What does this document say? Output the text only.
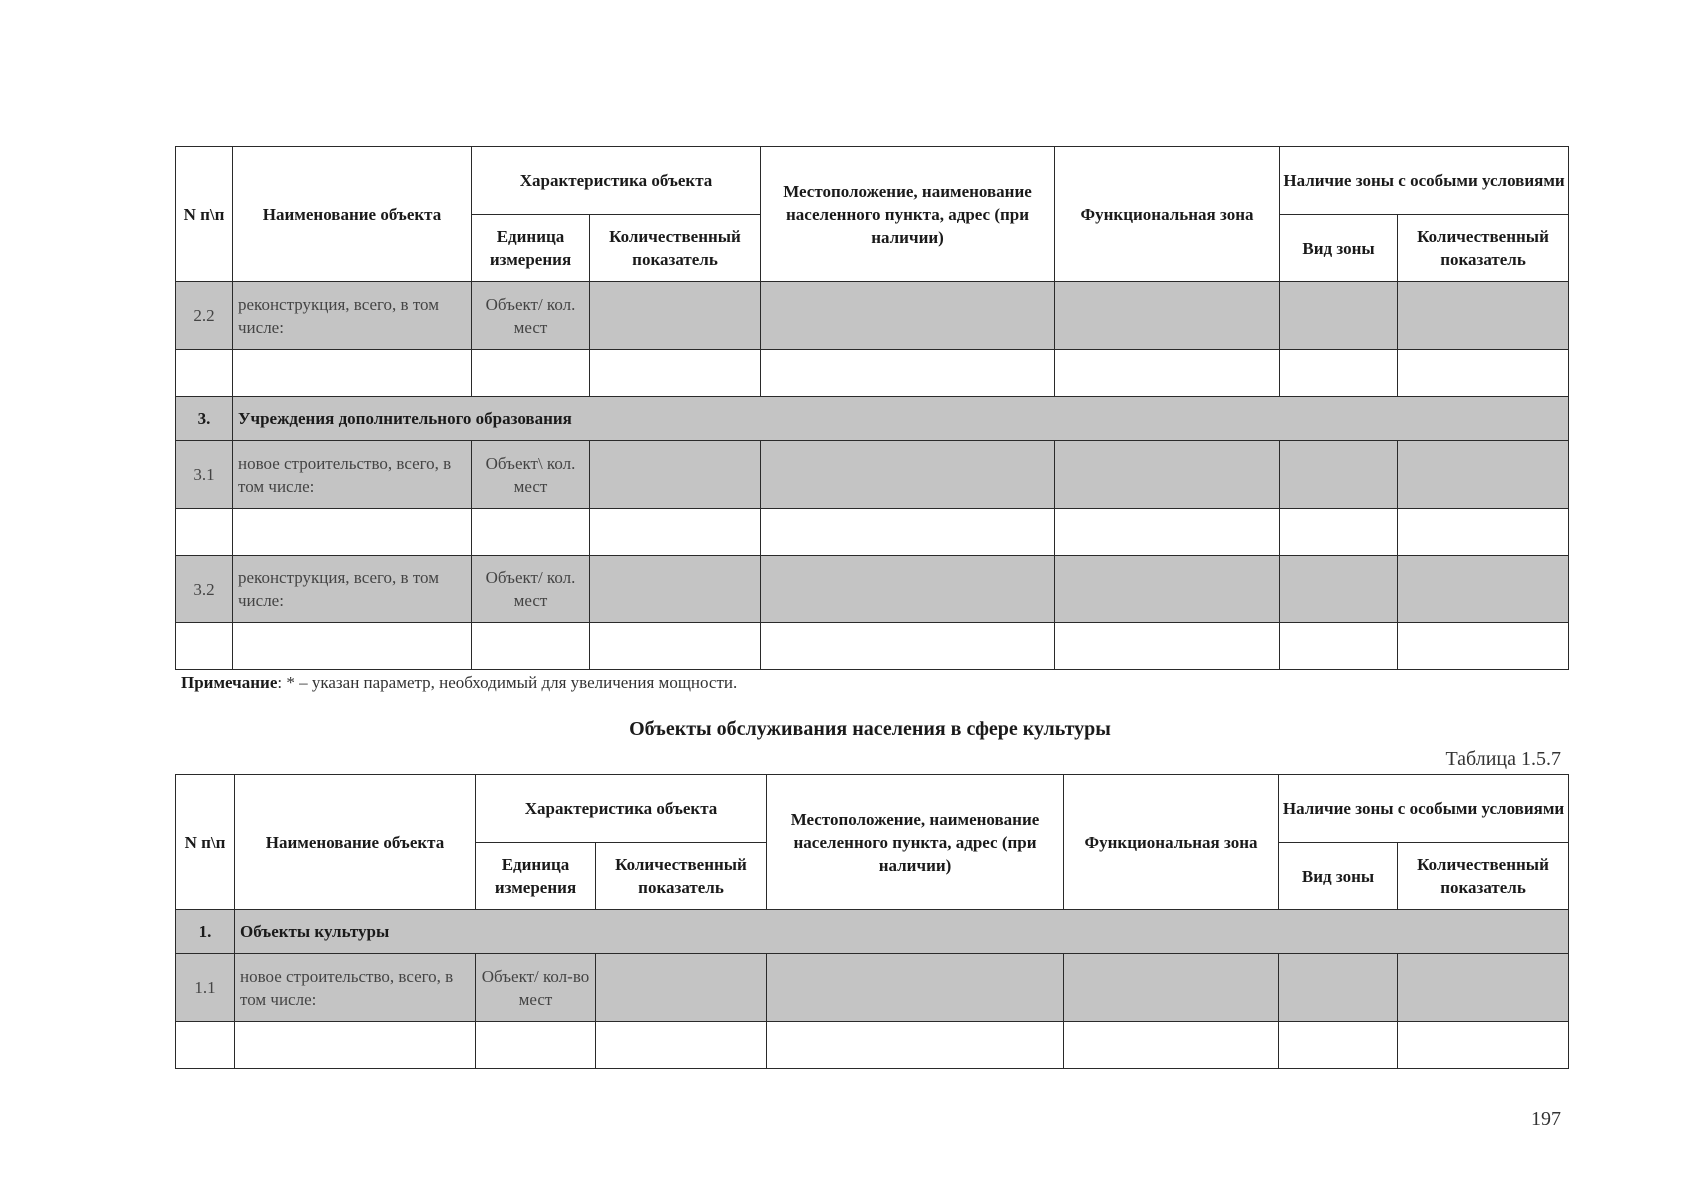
N п\п	Наименование объекта	Характеристика объекта		Местоположение, наименование населенного пункта, адрес (при наличии)	Функциональная зона	Наличие зоны с особыми условиями	
		Единица измерения	Количественный показатель			Вид зоны	Количественный показатель
2.2	реконструкция, всего, в том числе:	Объект/ кол. мест					

3.	Учреждения дополнительного образования						
3.1	новое строительство, всего, в том числе:	Объект\ кол. мест					

3.2	реконструкция, всего, в том числе:	Объект/ кол. мест					

Примечание: * – указан параметр, необходимый для увеличения мощности.
Объекты обслуживания населения в сфере культуры
Таблица 1.5.7
N п\п	Наименование объекта	Характеристика объекта		Местоположение, наименование населенного пункта, адрес (при наличии)	Функциональная зона	Наличие зоны с особыми условиями	
		Единица измерения	Количественный показатель			Вид зоны	Количественный показатель
1.	Объекты культуры						
1.1	новое строительство, всего, в том числе:	Объект/ кол-во мест					

197
